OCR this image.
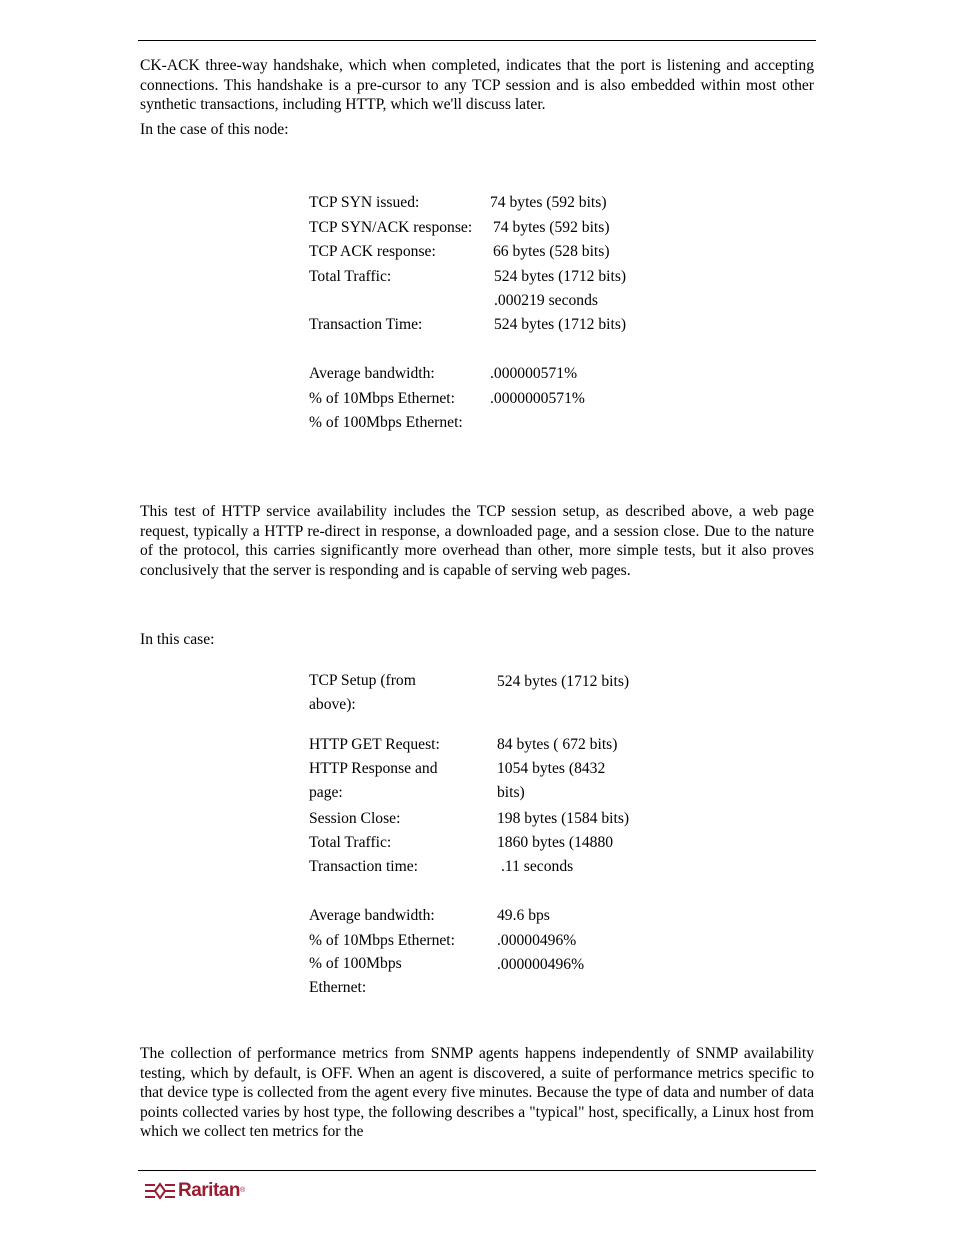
CK-ACK three-way handshake, which when completed, indicates that the port is listening and accepting connections. This handshake is a pre-cursor to any TCP session and is also embedded within most other synthetic transactions, including HTTP, which we'll discuss later.

In the case of this node:

TCP SYN issued:	74 bytes (592 bits)
TCP SYN/ACK response: 74 bytes (592 bits)
TCP ACK response:	66 bytes (528 bits)
Total Traffic:	524 bytes (1712 bits)
.000219 seconds
Transaction Time:	524 bytes (1712 bits)
Average bandwidth:	.000000571%
% of 10Mbps Ethernet: .0000000571%
% of 100Mbps Ethernet:

This test of HTTP service availability includes the TCP session setup, as described above, a web page request, typically a HTTP re-direct in response, a downloaded page, and a session close. Due to the nature of the protocol, this carries significantly more overhead than other, more simple tests, but it also proves conclusively that the server is responding and is capable of serving web pages.

In this case:

TCP Setup (from above):
524 bytes (1712 bits)
HTTP GET Request:	84 bytes ( 672 bits)
HTTP Response and page:
1054 bytes (8432 bits)
Session Close:	198 bytes (1584 bits)
Total Traffic:	1860 bytes (14880
Transaction time:	.11 seconds
Average bandwidth:	49.6 bps
% of 10Mbps Ethernet:	.00000496%
% of 100Mbps Ethernet:
.000000496%

The collection of performance metrics from SNMP agents happens independently of SNMP availability testing, which by default, is OFF. When an agent is discovered, a suite of performance metrics specific to that device type is collected from the agent every five minutes. Because the type of data and number of data points collected varies by host type, the following describes a "typical" host, specifically, a Linux host from which we collect ten metrics for the

Raritan®
